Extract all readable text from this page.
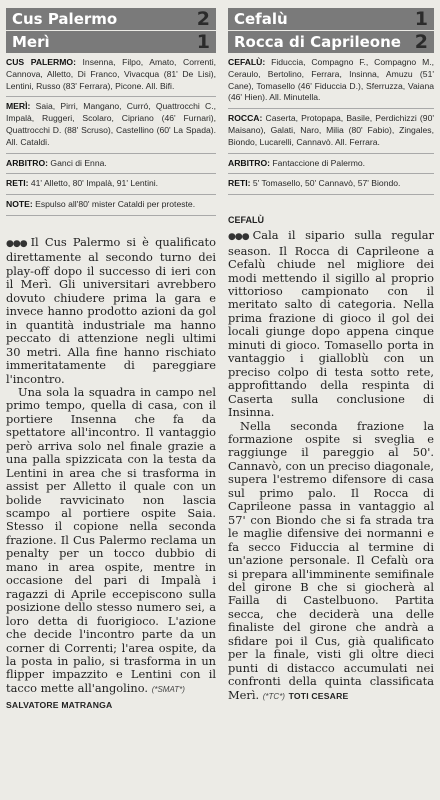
Cus Palermo	2
Merì	1
CUS PALERMO: Insenna, Filpo, Amato, Correnti, Cannova, Alletto, Di Franco, Vivacqua (81' De Lisi), Lentini, Russo (83' Ferrara), Picone. All. Bifi.
MERÌ: Saia, Pirri, Mangano, Curró, Quattrocchi C., Impalà, Ruggeri, Scolaro, Cipriano (46' Furnari), Quattrocchi D. (88' Scruso), Castellino (60' La Spada). All. Cataldi.
ARBITRO: Ganci di Enna.
RETI: 41' Alletto, 80' Impalà, 91' Lentini.
NOTE: Espulso all'80' mister Cataldi per proteste.

●●● Il Cus Palermo si è qualificato direttamente al secondo turno dei play-off dopo il successo di ieri con il Merì. Gli universitari avrebbero dovuto chiudere prima la gara e invece hanno prodotto azioni da gol in quantità industriale ma hanno peccato di attenzione negli ultimi 30 metri. Alla fine hanno rischiato immeritatamente di pareggiare l'incontro.

Una sola la squadra in campo nel primo tempo, quella di casa, con il portiere Insenna che fa da spettatore all'incontro. Il vantaggio però arriva solo nel finale grazie a una palla spizzicata con la testa da Lentini in area che si trasforma in assist per Alletto il quale con un bolide ravvicinato non lascia scampo al portiere ospite Saia. Stesso il copione nella seconda frazione. Il Cus Palermo reclama un penalty per un tocco dubbio di mano in area ospite, mentre in occasione del pari di Impalà i ragazzi di Aprile eccepiscono sulla posizione dello stesso numero sei, a loro detta di fuorigioco. L'azione che decide l'incontro parte da un corner di Correnti; l'area ospite, da la posta in palio, si trasforma in un flipper impazzito e Lentini con il tacco mette all'angolino. (*SMAT*)

SALVATORE MATRANGA
Cefalù	1
Rocca di Caprileone 2
CEFALÙ: Fiduccia, Compagno F., Compagno M., Ceraulo, Bertolino, Ferrara, Insinna, Amuzu (51' Cane), Tomasello (46' Fiduccia D.), Sferruzza, Vaiana (46' Hien). All. Minutella.
ROCCA: Caserta, Protopapa, Basile, Perdichizzi (90' Maisano), Galati, Naro, Milia (80' Fabio), Zingales, Biondo, Lucarelli, Cannavò. All. Ferrara.
ARBITRO: Fantaccione di Palermo.
RETI: 5' Tomasello, 50' Cannavò, 57' Biondo.
CEFALÙ

●●● Cala il sipario sulla regular season. Il Rocca di Caprileone a Cefalù chiude nel migliore dei modi mettendo il sigillo al proprio vittorioso campionato con il meritato salto di categoria. Nella prima frazione di gioco il gol dei locali giunge dopo appena cinque minuti di gioco. Tomasello porta in vantaggio i gialloblù con un preciso colpo di testa sotto rete, approfittando della respinta di Caserta sulla conclusione di Insinna.

Nella seconda frazione la formazione ospite si sveglia e raggiunge il pareggio al 50'. Cannavò, con un preciso diagonale, supera l'estremo difensore di casa sul primo palo. Il Rocca di Caprileone passa in vantaggio al 57' con Biondo che si fa strada tra le maglie difensive dei normanni e fa secco Fiduccia al termine di un'azione personale. Il Cefalù ora si prepara all'imminente semifinale del girone B che si giocherà al Failla di Castelbuono. Partita secca, che deciderà una delle finaliste del girone che andrà a sfidare poi il Cus, già qualificato per la finale, visti gli oltre dieci punti di distacco accumulati nei confronti della quinta classificata Merì. (*TC*) TOTI CESARE
